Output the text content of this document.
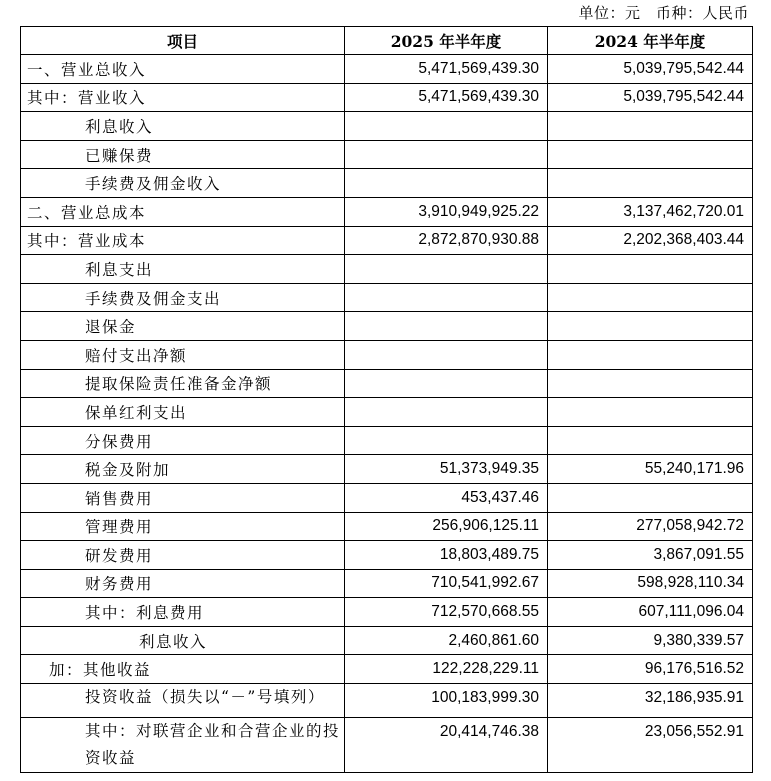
单位：元　币种：人民币
项目	2025 年半年度	2024 年半年度
一、营业总收入	5,471,569,439.30	5,039,795,542.44
其中：营业收入	5,471,569,439.30	5,039,795,542.44
利息收入		
已赚保费		
手续费及佣金收入		
二、营业总成本	3,910,949,925.22	3,137,462,720.01
其中：营业成本	2,872,870,930.88	2,202,368,403.44
利息支出		
手续费及佣金支出		
退保金		
赔付支出净额		
提取保险责任准备金净额		
保单红利支出		
分保费用		
税金及附加	51,373,949.35	55,240,171.96
销售费用	453,437.46	
管理费用	256,906,125.11	277,058,942.72
研发费用	18,803,489.75	3,867,091.55
财务费用	710,541,992.67	598,928,110.34
其中：利息费用	712,570,668.55	607,111,096.04
利息收入	2,460,861.60	9,380,339.57
加：其他收益	122,228,229.11	96,176,516.52
投资收益（损失以“－”号填列）	100,183,999.30	32,186,935.91
其中：对联营企业和合营企业的投资收益	20,414,746.38	23,056,552.91
